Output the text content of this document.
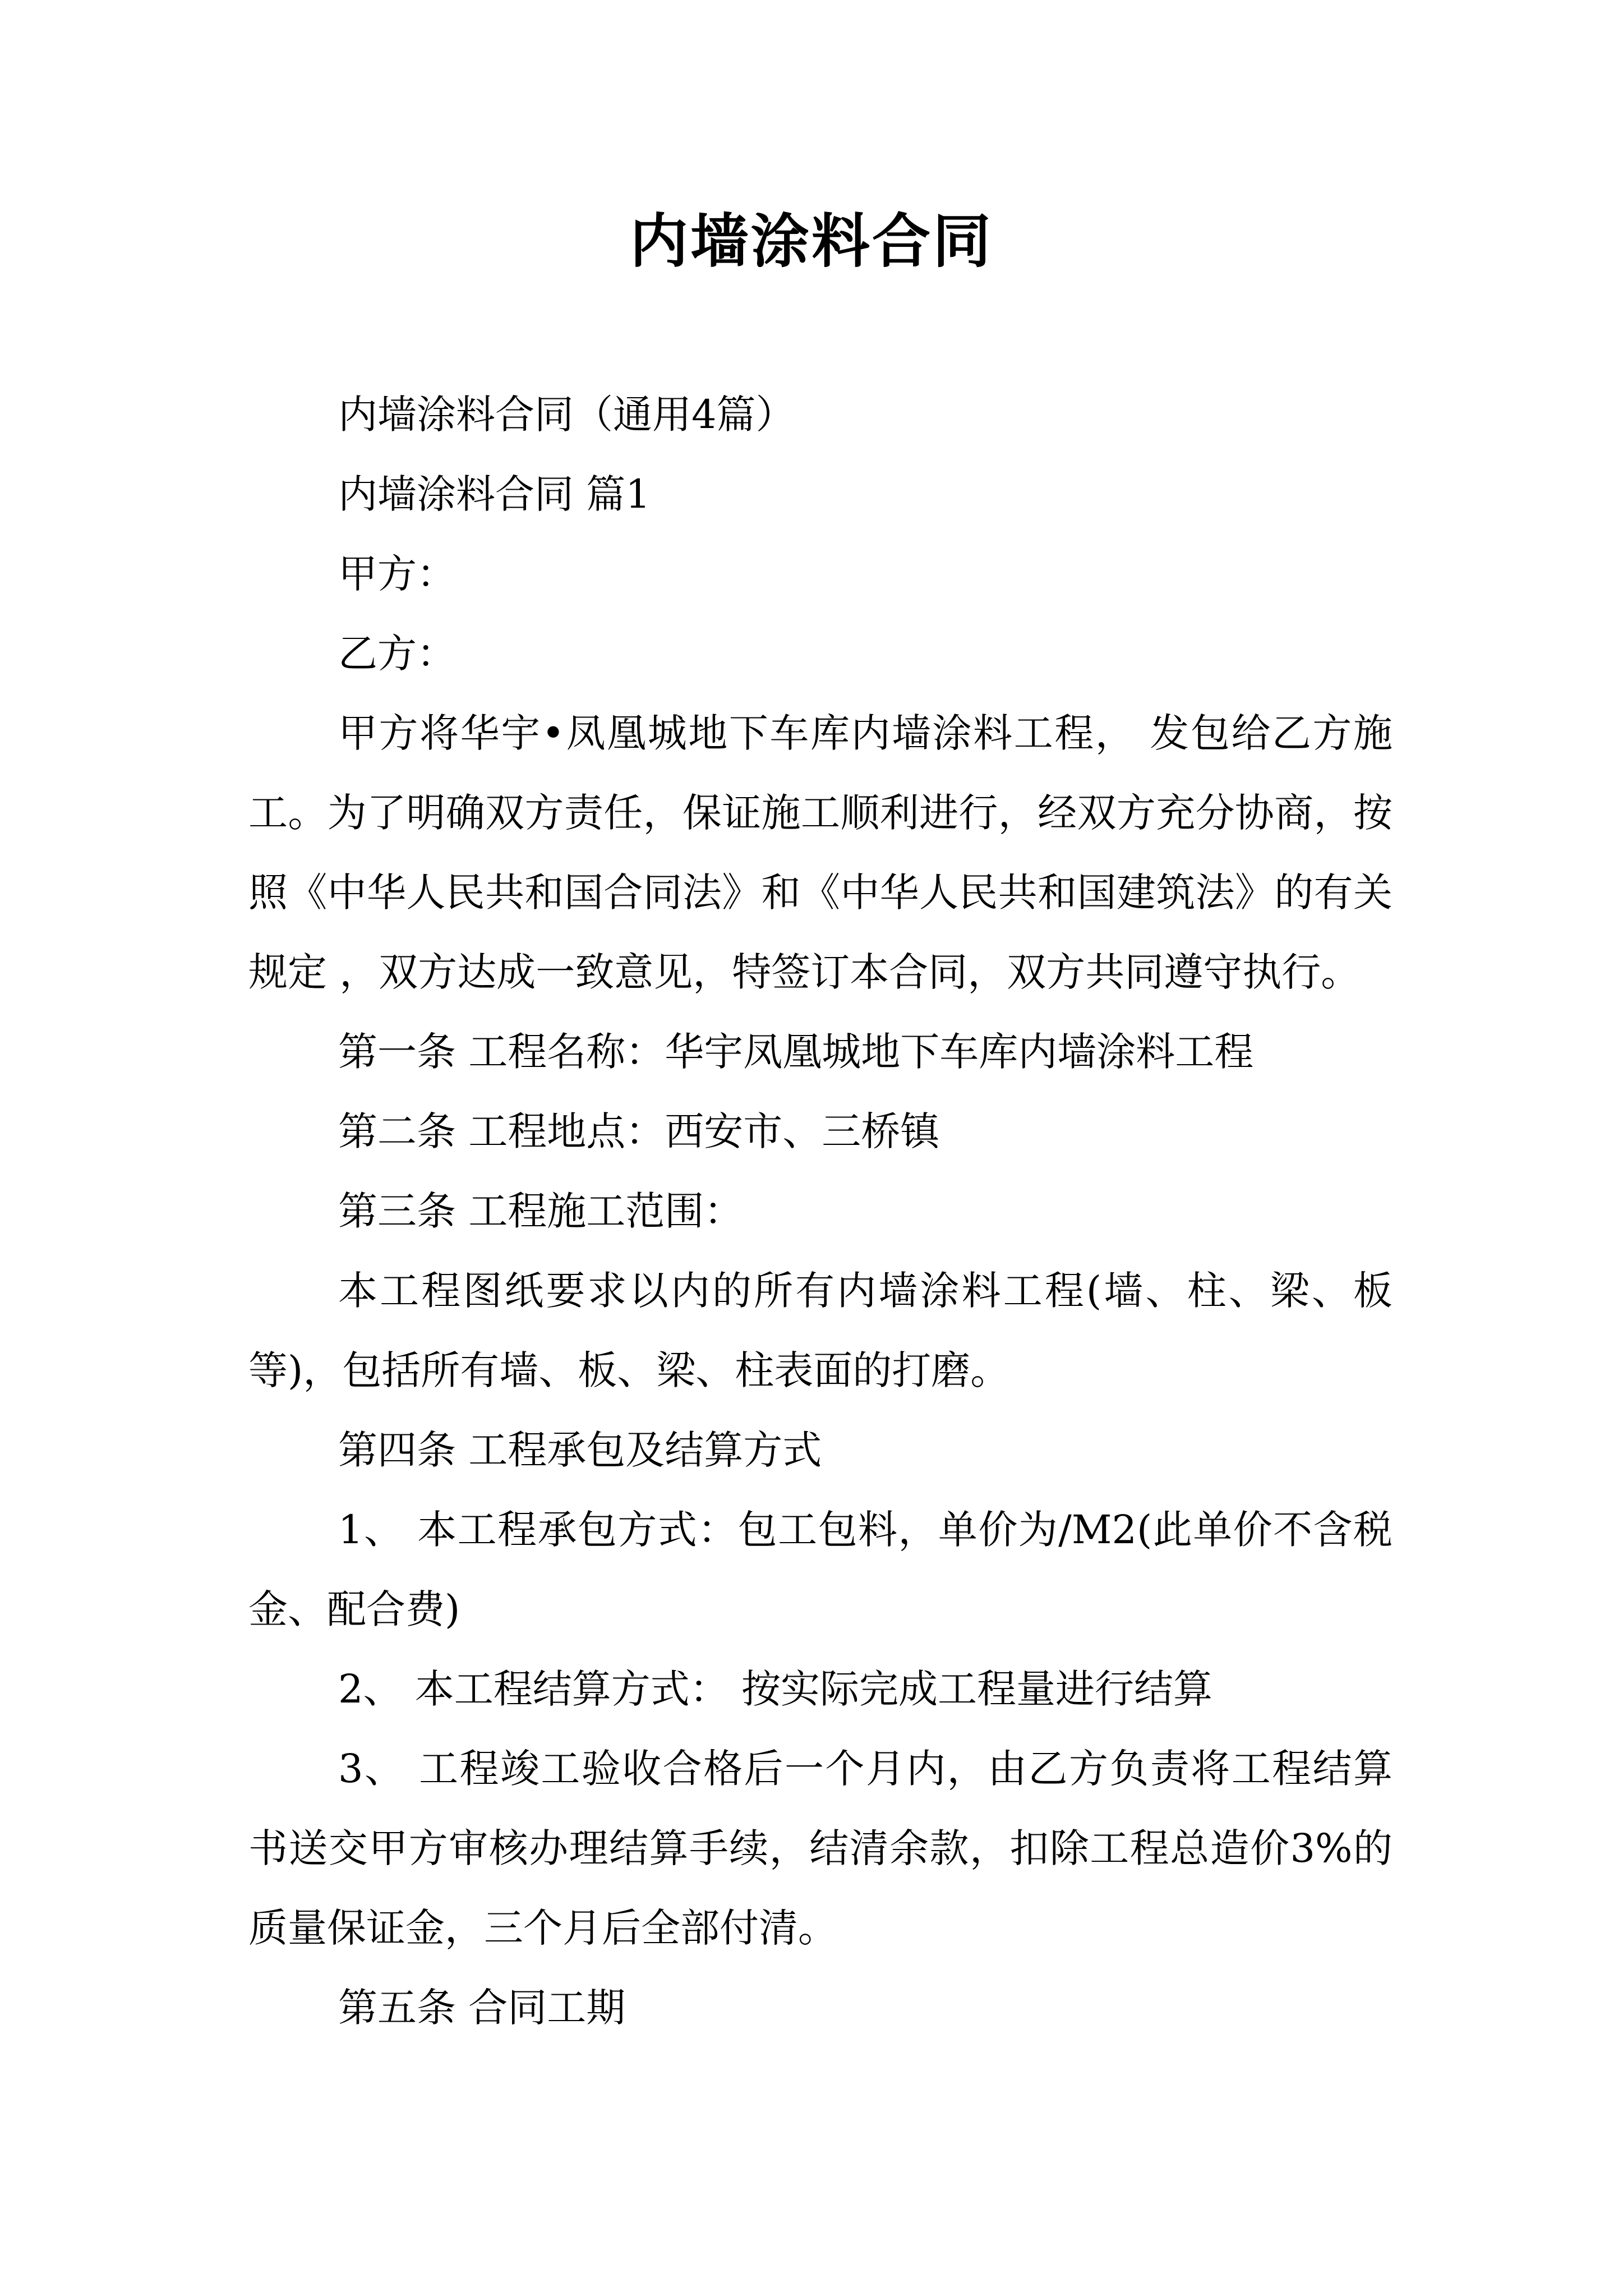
内墙涂料合同

内墙涂料合同（通用4篇）

内墙涂料合同 篇1

甲方：

乙方：

甲方将华宇•凤凰城地下车库内墙涂料工程， 发包给乙方施工。为了明确双方责任，保证施工顺利进行，经双方充分协商，按照《中华人民共和国合同法》和《中华人民共和国建筑法》的有关规定 ，双方达成一致意见，特签订本合同，双方共同遵守执行。

第一条 工程名称：华宇凤凰城地下车库内墙涂料工程

第二条 工程地点：西安市、三桥镇

第三条 工程施工范围：

本工程图纸要求以内的所有内墙涂料工程(墙、柱、梁、板等)，包括所有墙、板、梁、柱表面的打磨。

第四条 工程承包及结算方式

1、 本工程承包方式：包工包料，单价为/M2(此单价不含税金、配合费)

2、 本工程结算方式： 按实际完成工程量进行结算

3、 工程竣工验收合格后一个月内，由乙方负责将工程结算书送交甲方审核办理结算手续，结清余款，扣除工程总造价3%的质量保证金，三个月后全部付清。

第五条 合同工期
